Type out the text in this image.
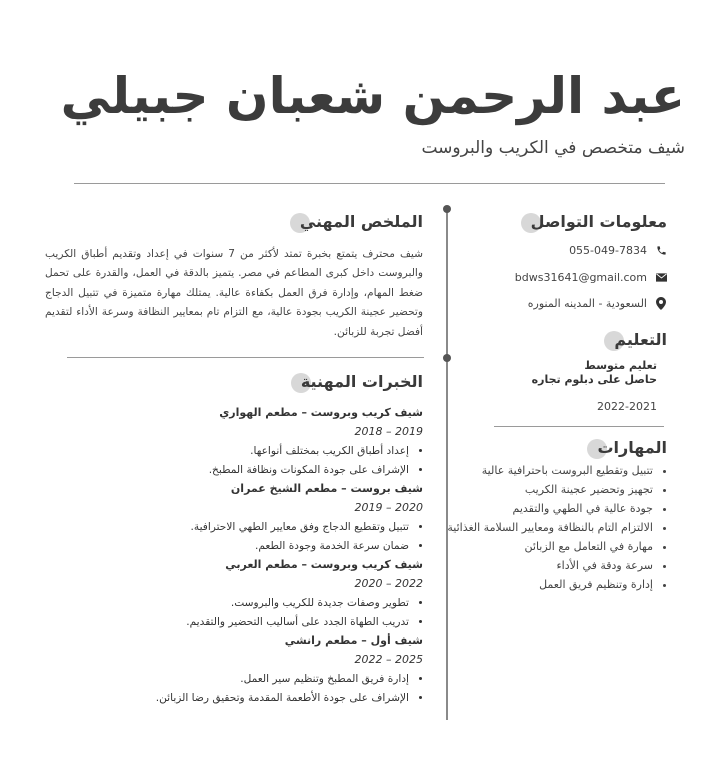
عبد الرحمن شعبان جبيلي
شيف متخصص في الكريب والبروست
معلومات التواصل
055-049-7834
bdws31641@gmail.com
السعودية - المدينه المنوره
التعليم
تعليم متوسط
حاصل على دبلوم تجاره
2022-2021
المهارات
• تتبيل وتقطيع البروست باحترافية عالية
• تجهيز وتحضير عجينة الكريب
• جودة عالية في الطهي والتقديم
• الالتزام التام بالنظافة ومعايير السلامة الغذائية
• مهارة في التعامل مع الزبائن
• سرعة ودقة في الأداء
• إدارة وتنظيم فريق العمل
الملخص المهني

شيف محترف يتمتع بخبرة تمتد لأكثر من 7 سنوات في إعداد وتقديم أطباق الكريب والبروست داخل كبرى المطاعم في مصر. يتميز بالدقة في العمل، والقدرة على تحمل ضغط المهام، وإدارة فرق العمل بكفاءة عالية. يمتلك مهارة متميزة في تتبيل الدجاج وتحضير عجينة الكريب بجودة عالية، مع التزام تام بمعايير النظافة وسرعة الأداء لتقديم أفضل تجربة للزبائن.

الخبرات المهنية
شيف كريب وبروست – مطعم الهواري
2019 – 2018
• إعداد أطباق الكريب بمختلف أنواعها.
• الإشراف على جودة المكونات ونظافة المطبخ.
شيف بروست – مطعم الشيخ عمران
2020 – 2019
• تتبيل وتقطيع الدجاج وفق معايير الطهي الاحترافية.
• ضمان سرعة الخدمة وجودة الطعم.
شيف كريب وبروست – مطعم العربي
2022 – 2020
• تطوير وصفات جديدة للكريب والبروست.
• تدريب الطهاة الجدد على أساليب التحضير والتقديم.
شيف أول – مطعم رانشي
2025 – 2022
• إدارة فريق المطبخ وتنظيم سير العمل.
• الإشراف على جودة الأطعمة المقدمة وتحقيق رضا الزبائن.
